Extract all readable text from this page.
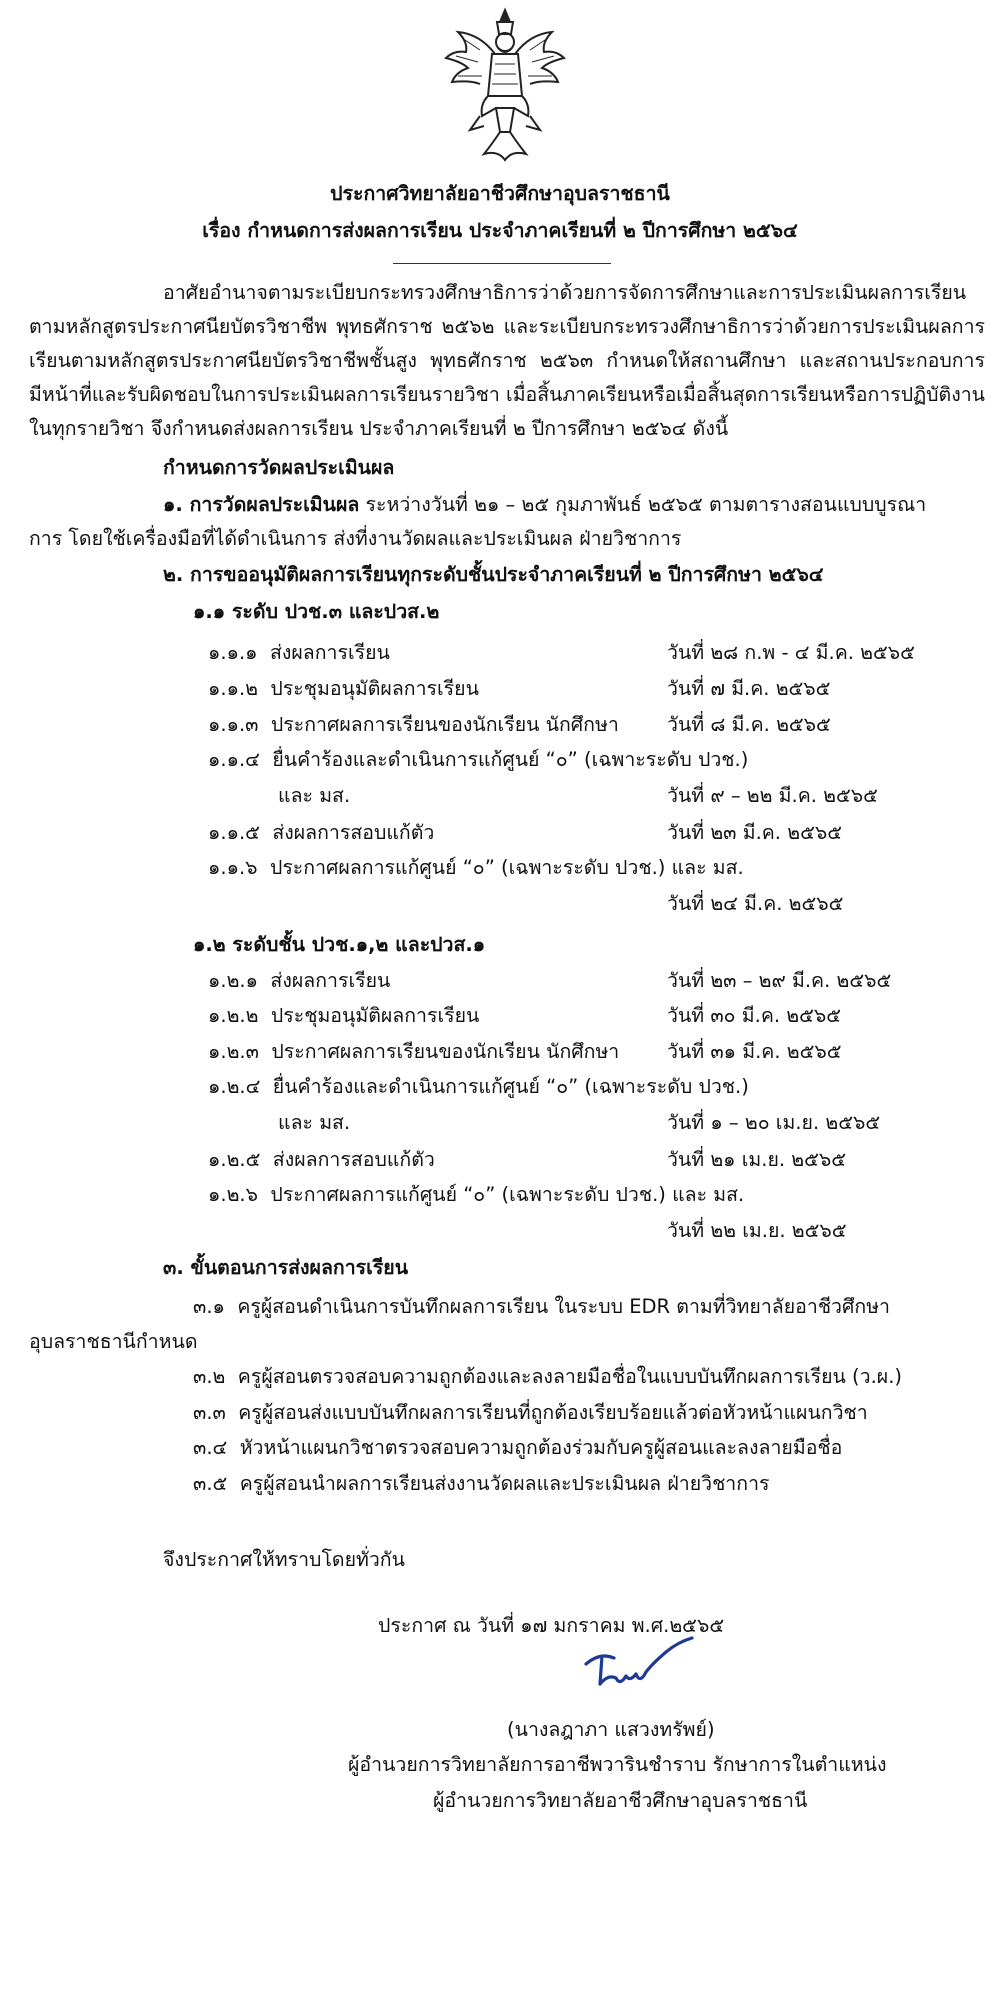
ประกาศวิทยาลัยอาชีวศึกษาอุบลราชธานี
เรื่อง กำหนดการส่งผลการเรียน ประจำภาคเรียนที่ ๒ ปีการศึกษา ๒๕๖๔
อาศัยอำนาจตามระเบียบกระทรวงศึกษาธิการว่าด้วยการจัดการศึกษาและการประเมินผลการเรียนตามหลักสูตรประกาศนียบัตรวิชาชีพ พุทธศักราช ๒๕๖๒ และระเบียบกระทรวงศึกษาธิการว่าด้วยการประเมินผลการเรียนตามหลักสูตรประกาศนียบัตรวิชาชีพชั้นสูง พุทธศักราช ๒๕๖๓ กำหนดให้สถานศึกษา และสถานประกอบการมีหน้าที่และรับผิดชอบในการประเมินผลการเรียนรายวิชา เมื่อสิ้นภาคเรียนหรือเมื่อสิ้นสุดการเรียนหรือการปฏิบัติงานในทุกรายวิชา จึงกำหนดส่งผลการเรียน ประจำภาคเรียนที่ ๒ ปีการศึกษา ๒๕๖๔ ดังนี้
กำหนดการวัดผลประเมินผล
๑. การวัดผลประเมินผล ระหว่างวันที่ ๒๑ – ๒๕ กุมภาพันธ์ ๒๕๖๕ ตามตารางสอนแบบบูรณา
การ โดยใช้เครื่องมือที่ได้ดำเนินการ ส่งที่งานวัดผลและประเมินผล ฝ่ายวิชาการ
๒. การขออนุมัติผลการเรียนทุกระดับชั้นประจำภาคเรียนที่ ๒ ปีการศึกษา ๒๕๖๔
๑.๑ ระดับ ปวช.๓ และปวส.๒
๑.๑.๑ ส่งผลการเรียน	วันที่ ๒๘ ก.พ - ๔ มี.ค. ๒๕๖๕
๑.๑.๒ ประชุมอนุมัติผลการเรียน	วันที่ ๗ มี.ค. ๒๕๖๕
๑.๑.๓ ประกาศผลการเรียนของนักเรียน นักศึกษา วันที่ ๘ มี.ค. ๒๕๖๕
๑.๑.๔ ยื่นคำร้องและดำเนินการแก้ศูนย์ “๐” (เฉพาะระดับ ปวช.)
และ มส.	วันที่ ๙ – ๒๒ มี.ค. ๒๕๖๕
๑.๑.๕ ส่งผลการสอบแก้ตัว	วันที่ ๒๓ มี.ค. ๒๕๖๕
๑.๑.๖ ประกาศผลการแก้ศูนย์ “๐” (เฉพาะระดับ ปวช.) และ มส.
วันที่ ๒๔ มี.ค. ๒๕๖๕
๑.๒ ระดับชั้น ปวช.๑,๒ และปวส.๑
๑.๒.๑ ส่งผลการเรียน	วันที่ ๒๓ – ๒๙ มี.ค. ๒๕๖๕
๑.๒.๒ ประชุมอนุมัติผลการเรียน	วันที่ ๓๐ มี.ค. ๒๕๖๕
๑.๒.๓ ประกาศผลการเรียนของนักเรียน นักศึกษา วันที่ ๓๑ มี.ค. ๒๕๖๕
๑.๒.๔ ยื่นคำร้องและดำเนินการแก้ศูนย์ “๐” (เฉพาะระดับ ปวช.)
และ มส.	วันที่ ๑ – ๒๐ เม.ย. ๒๕๖๕
๑.๒.๕ ส่งผลการสอบแก้ตัว	วันที่ ๒๑ เม.ย. ๒๕๖๕
๑.๒.๖ ประกาศผลการแก้ศูนย์ “๐” (เฉพาะระดับ ปวช.) และ มส.
วันที่ ๒๒ เม.ย. ๒๕๖๕
๓. ขั้นตอนการส่งผลการเรียน
๓.๑ ครูผู้สอนดำเนินการบันทึกผลการเรียน ในระบบ EDR ตามที่วิทยาลัยอาชีวศึกษา
อุบลราชธานีกำหนด
๓.๒ ครูผู้สอนตรวจสอบความถูกต้องและลงลายมือชื่อในแบบบันทึกผลการเรียน (ว.ผ.)
๓.๓ ครูผู้สอนส่งแบบบันทึกผลการเรียนที่ถูกต้องเรียบร้อยแล้วต่อหัวหน้าแผนกวิชา
๓.๔ หัวหน้าแผนกวิชาตรวจสอบความถูกต้องร่วมกับครูผู้สอนและลงลายมือชื่อ
๓.๕ ครูผู้สอนนำผลการเรียนส่งงานวัดผลและประเมินผล ฝ่ายวิชาการ
จึงประกาศให้ทราบโดยทั่วกัน
ประกาศ ณ วันที่ ๑๗ มกราคม พ.ศ.๒๕๖๕
(นางลฎาภา แสวงทรัพย์)
ผู้อำนวยการวิทยาลัยการอาชีพวารินชำราบ รักษาการในตำแหน่ง
ผู้อำนวยการวิทยาลัยอาชีวศึกษาอุบลราชธานี
